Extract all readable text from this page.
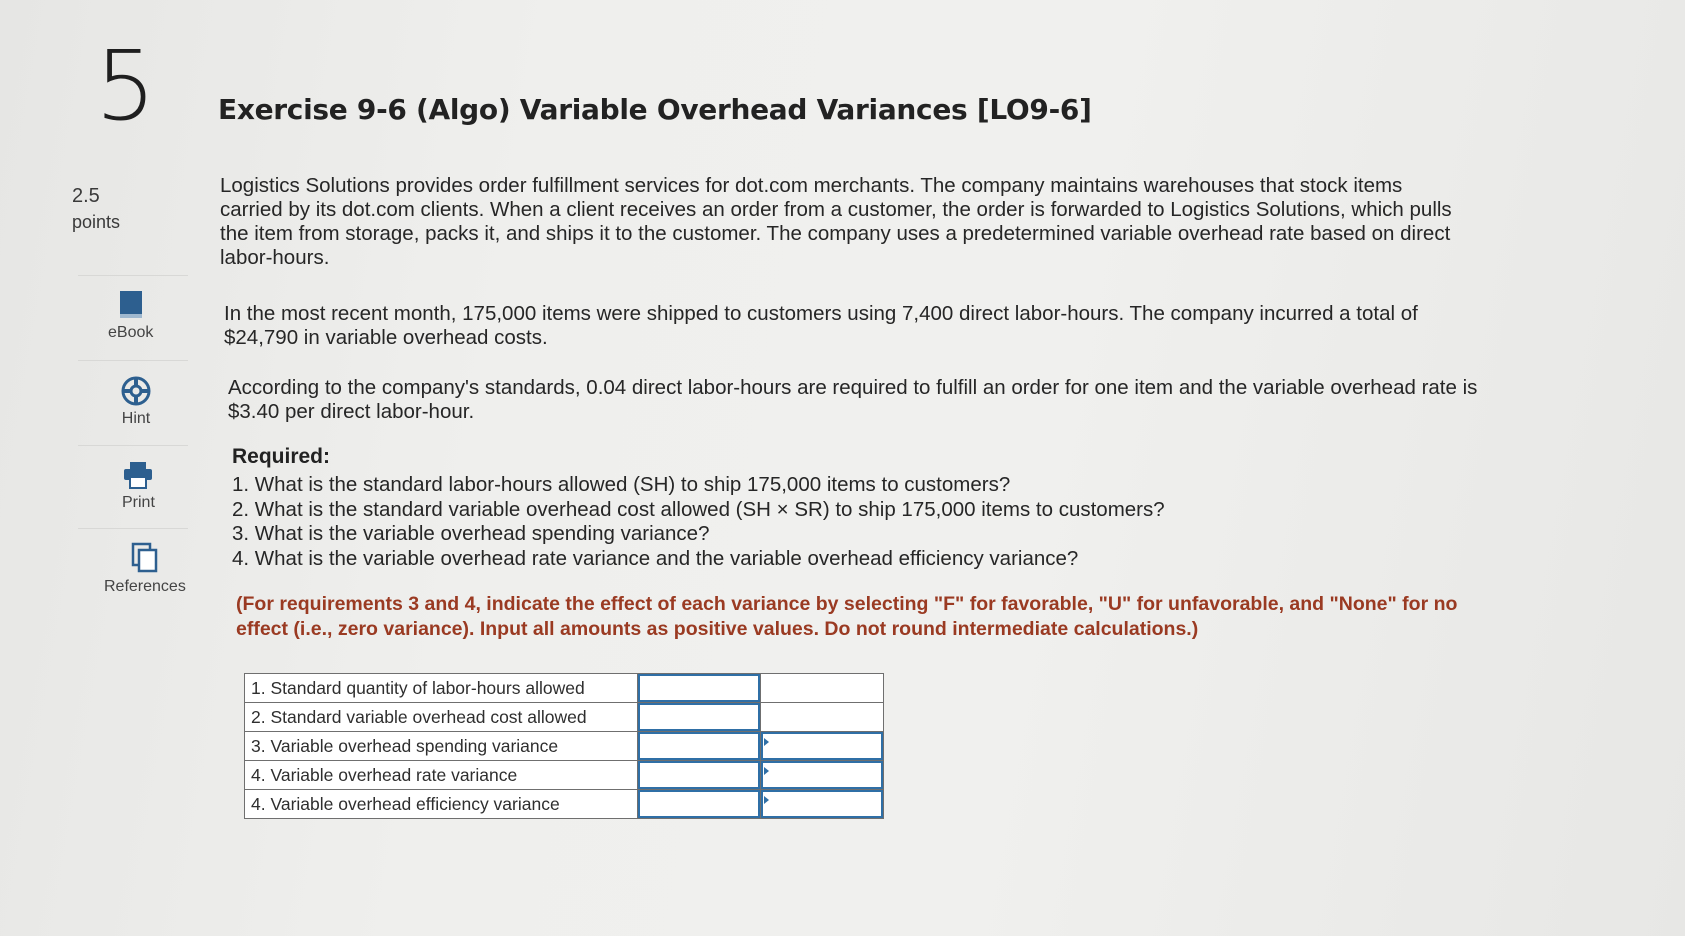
5
2.5
points
eBook
Hint
Print
References
Exercise 9-6 (Algo) Variable Overhead Variances [LO9-6]

Logistics Solutions provides order fulfillment services for dot.com merchants. The company maintains warehouses that stock items carried by its dot.com clients. When a client receives an order from a customer, the order is forwarded to Logistics Solutions, which pulls the item from storage, packs it, and ships it to the customer. The company uses a predetermined variable overhead rate based on direct labor-hours.

In the most recent month, 175,000 items were shipped to customers using 7,400 direct labor-hours. The company incurred a total of $24,790 in variable overhead costs.

According to the company's standards, 0.04 direct labor-hours are required to fulfill an order for one item and the variable overhead rate is $3.40 per direct labor-hour.

Required:
1. What is the standard labor-hours allowed (SH) to ship 175,000 items to customers?
2. What is the standard variable overhead cost allowed (SH × SR) to ship 175,000 items to customers?
3. What is the variable overhead spending variance?
4. What is the variable overhead rate variance and the variable overhead efficiency variance?

(For requirements 3 and 4, indicate the effect of each variance by selecting "F" for favorable, "U" for unfavorable, and "None" for no effect (i.e., zero variance). Input all amounts as positive values. Do not round intermediate calculations.)

1. Standard quantity of labor-hours allowed	

2. Standard variable overhead cost allowed	

3. Variable overhead spending variance	

4. Variable overhead rate variance	

4. Variable overhead efficiency variance	
